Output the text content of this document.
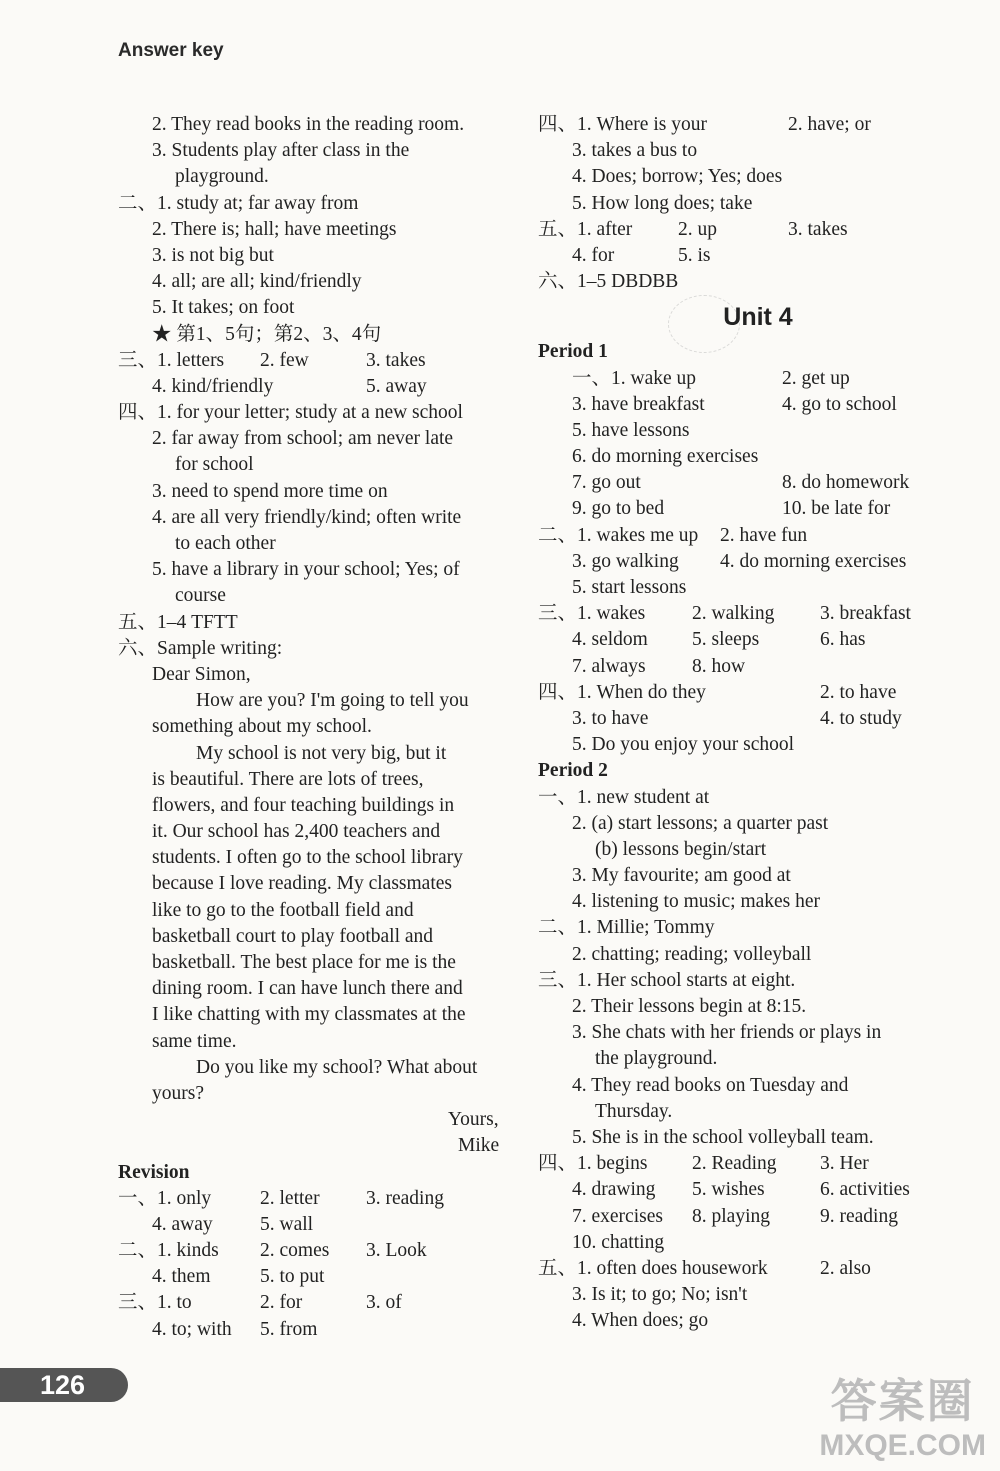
Answer key
2. They read books in the reading room.
3. Students play after class in the
playground.
二、1. study at; far away from
2. There is; hall; have meetings
3. is not big but
4. all; are all; kind/friendly
5. It takes; on foot
★ 第1、5句；第2、3、4句
三、1. letters 2. few	3. takes
4. kind/friendly	5. away
四、1. for your letter; study at a new school
2. far away from school; am never late
for school
3. need to spend more time on
4. are all very friendly/kind; often write
to each other
5. have a library in your school; Yes; of
course
五、1–4 TFTT
六、Sample writing:
Dear Simon,
How are you? I'm going to tell you
something about my school.
My school is not very big, but it
is beautiful. There are lots of trees,
flowers, and four teaching buildings in
it. Our school has 2,400 teachers and
students. I often go to the school library
because I love reading. My classmates
like to go to the football field and
basketball court to play football and
basketball. The best place for me is the
dining room. I can have lunch there and
I like chatting with my classmates at the
same time.
Do you like my school? What about
yours?
Yours,
Mike
Revision
一、1. only	2. letter 3. reading
4. away 5. wall
二、1. kinds 2. comes 3. Look
4. them	5. to put
三、1. to	2. for	3. of
4. to; with 5. from
四、1. Where is your	2. have; or
3. takes a bus to
4. Does; borrow; Yes; does
5. How long does; take
五、1. after 2. up	3. takes
4. for	5. is
六、1–5 DBDBB
Unit 4
Period 1
一、1. wake up	2. get up
3. have breakfast	4. go to school
5. have lessons
6. do morning exercises
7. go out	8. do homework
9. go to bed	10. be late for
二、1. wakes me up 2. have fun
3. go walking 4. do morning exercises
5. start lessons
三、1. wakes 2. walking 3. breakfast
4. seldom 5. sleeps	6. has
7. always 8. how
四、1. When do they	2. to have
3. to have	4. to study
5. Do you enjoy your school
Period 2
一、1. new student at
2. (a) start lessons; a quarter past
(b) lessons begin/start
3. My favourite; am good at
4. listening to music; makes her
二、1. Millie; Tommy
2. chatting; reading; volleyball
三、1. Her school starts at eight.
2. Their lessons begin at 8:15.
3. She chats with her friends or plays in
the playground.
4. They read books on Tuesday and
Thursday.
5. She is in the school volleyball team.
四、1. begins 2. Reading 3. Her
4. drawing 5. wishes	6. activities
7. exercises 8. playing	9. reading
10. chatting
五、1. often does housework	2. also
3. Is it; to go; No; isn't
4. When does; go
126	答案圈
MXQE.COM
